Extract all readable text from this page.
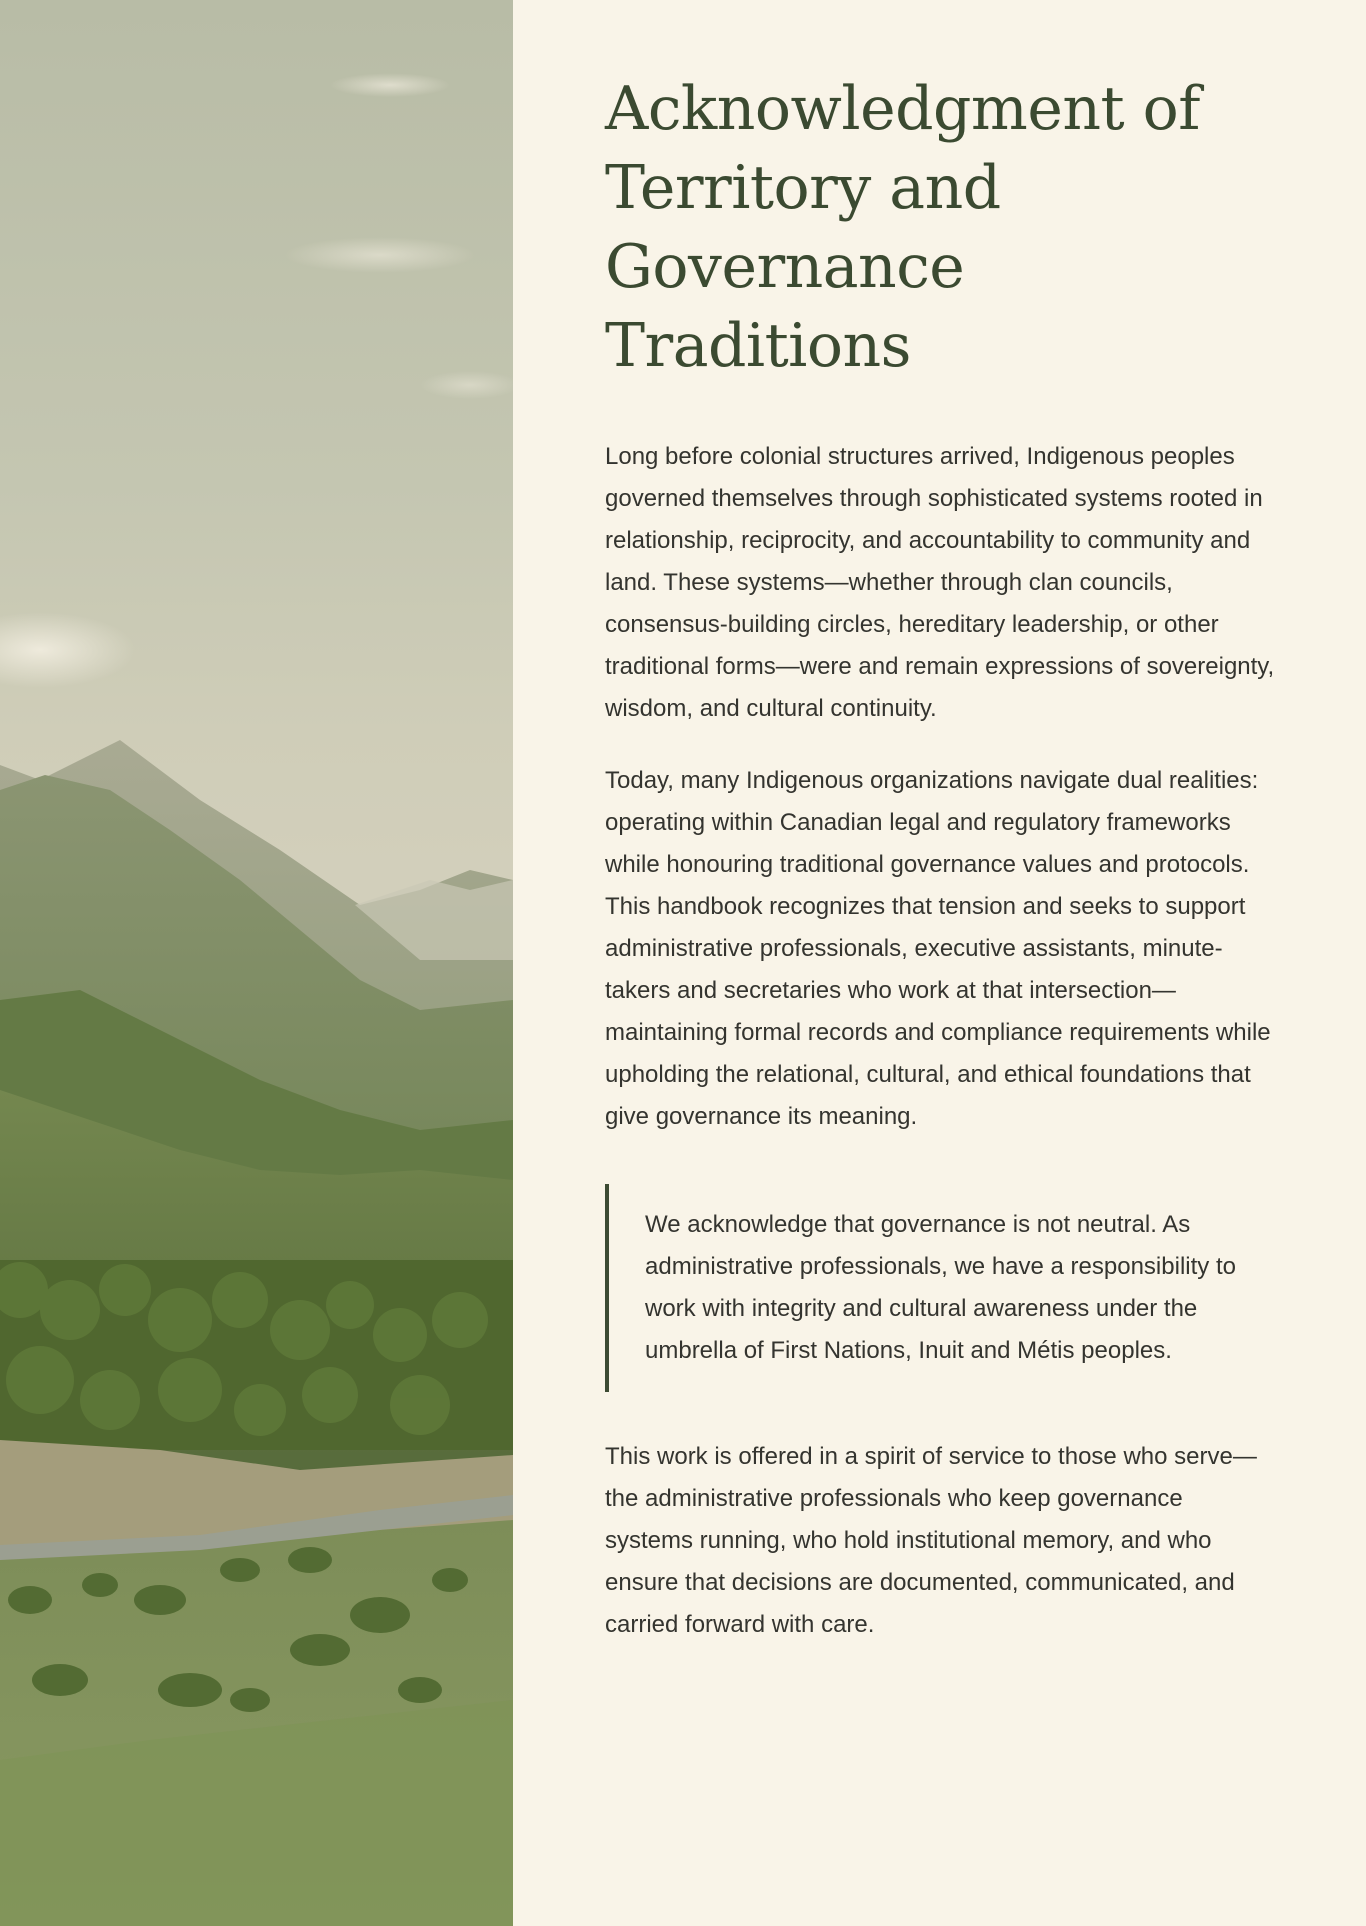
Acknowledgment of Territory and Governance Traditions

Long before colonial structures arrived, Indigenous peoples governed themselves through sophisticated systems rooted in relationship, reciprocity, and accountability to community and land. These systems—whether through clan councils, consensus-building circles, hereditary leadership, or other traditional forms—were and remain expressions of sovereignty, wisdom, and cultural continuity.

Today, many Indigenous organizations navigate dual realities: operating within Canadian legal and regulatory frameworks while honouring traditional governance values and protocols. This handbook recognizes that tension and seeks to support administrative professionals, executive assistants, minute-takers and secretaries who work at that intersection—maintaining formal records and compliance requirements while upholding the relational, cultural, and ethical foundations that give governance its meaning.

We acknowledge that governance is not neutral. As administrative professionals, we have a responsibility to work with integrity and cultural awareness under the umbrella of First Nations, Inuit and Métis peoples.

This work is offered in a spirit of service to those who serve—the administrative professionals who keep governance systems running, who hold institutional memory, and who ensure that decisions are documented, communicated, and carried forward with care.
